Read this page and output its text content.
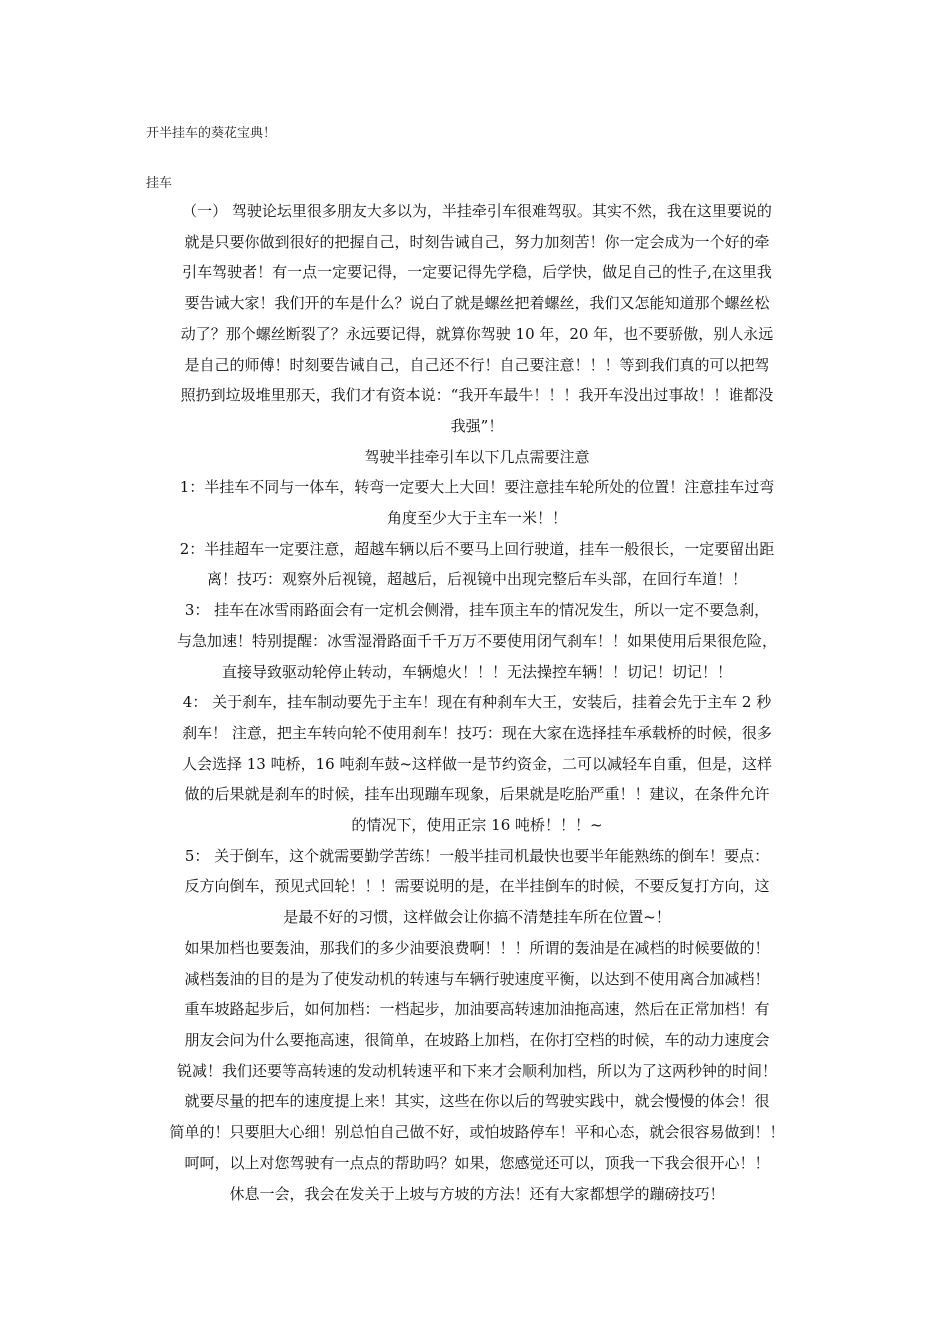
开半挂车的葵花宝典！
挂车

（一） 驾驶论坛里很多朋友大多以为，半挂牵引车很难驾驭。其实不然，我在这里要说的

就是只要你做到很好的把握自己，时刻告诫自己，努力加刻苦！你一定会成为一个好的牵

引车驾驶者！有一点一定要记得，一定要记得先学稳，后学快，做足自己的性子,在这里我

要告诫大家！我们开的车是什么？说白了就是螺丝把着螺丝，我们又怎能知道那个螺丝松

动了？那个螺丝断裂了？永远要记得，就算你驾驶 10 年，20 年，也不要骄傲，别人永远

是自己的师傅！时刻要告诫自己，自己还不行！自己要注意！！！等到我们真的可以把驾

照扔到垃圾堆里那天，我们才有资本说：“我开车最牛！！！我开车没出过事故！！谁都没

我强”！

驾驶半挂牵引车以下几点需要注意

1：半挂车不同与一体车，转弯一定要大上大回！要注意挂车轮所处的位置！注意挂车过弯

角度至少大于主车一米！！

2：半挂超车一定要注意，超越车辆以后不要马上回行驶道，挂车一般很长，一定要留出距

离！技巧：观察外后视镜，超越后，后视镜中出现完整后车头部，在回行车道！！

3： 挂车在冰雪雨路面会有一定机会侧滑，挂车顶主车的情况发生，所以一定不要急刹，

与急加速！特别提醒：冰雪湿滑路面千千万万不要使用闭气刹车！！如果使用后果很危险，

直接导致驱动轮停止转动，车辆熄火！！！无法操控车辆！！切记！切记！！

4： 关于刹车，挂车制动要先于主车！现在有种刹车大王，安装后，挂着会先于主车 2 秒

刹车！ 注意，把主车转向轮不使用刹车！技巧：现在大家在选择挂车承载桥的时候，很多

人会选择 13 吨桥，16 吨刹车鼓~这样做一是节约资金，二可以减轻车自重，但是，这样

做的后果就是刹车的时候，挂车出现蹦车现象，后果就是吃胎严重！！建议，在条件允许

的情况下，使用正宗 16 吨桥！！！~

5： 关于倒车，这个就需要勤学苦练！一般半挂司机最快也要半年能熟练的倒车！要点：

反方向倒车，预见式回轮！！！需要说明的是，在半挂倒车的时候，不要反复打方向，这

是最不好的习惯，这样做会让你搞不清楚挂车所在位置~！

如果加档也要轰油，那我们的多少油要浪费啊！！！所谓的轰油是在减档的时候要做的！

减档轰油的目的是为了使发动机的转速与车辆行驶速度平衡，以达到不使用离合加减档！

重车坡路起步后，如何加档：一档起步，加油要高转速加油拖高速，然后在正常加档！有

朋友会问为什么要拖高速，很简单，在坡路上加档，在你打空档的时候，车的动力速度会

锐减！我们还要等高转速的发动机转速平和下来才会顺利加档，所以为了这两秒钟的时间！

就要尽量的把车的速度提上来！其实，这些在你以后的驾驶实践中，就会慢慢的体会！很

简单的！只要胆大心细！别总怕自己做不好，或怕坡路停车！平和心态，就会很容易做到！！

呵呵，以上对您驾驶有一点点的帮助吗？如果，您感觉还可以，顶我一下我会很开心！！

休息一会，我会在发关于上坡与方坡的方法！还有大家都想学的蹦磅技巧！
